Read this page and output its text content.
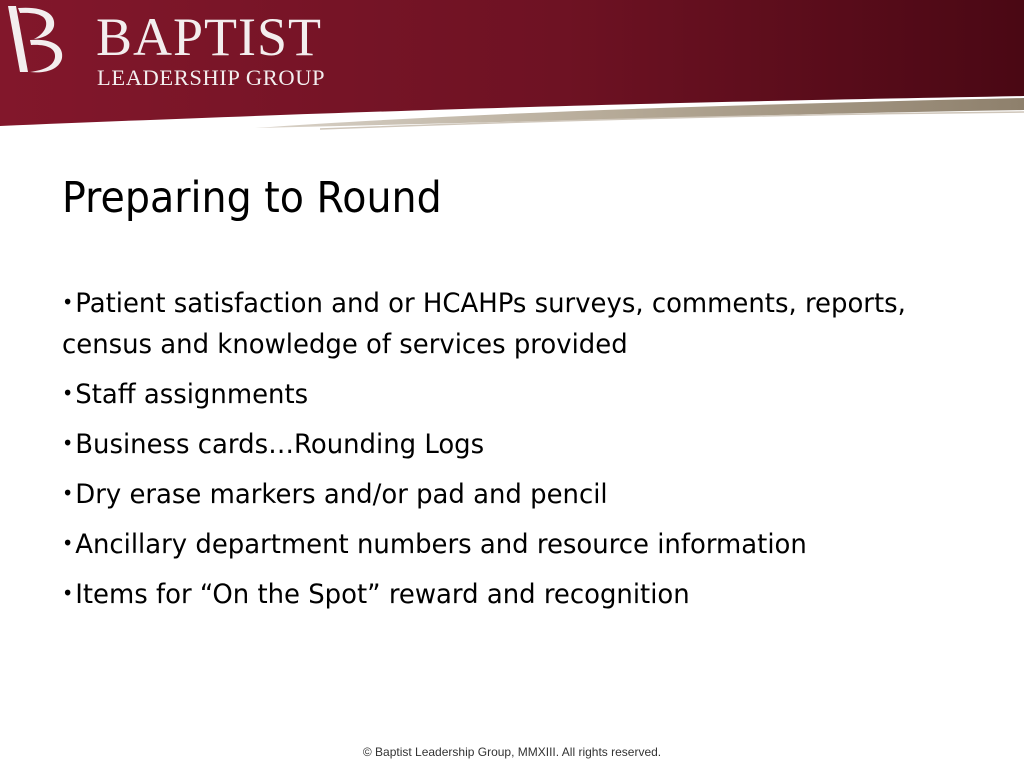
BAPTIST
LEADERSHIP GROUP
Preparing to Round
•Patient satisfaction and or HCAHPs surveys, comments, reports, census and knowledge of services provided
•Staff assignments
•Business cards…Rounding Logs
•Dry erase markers and/or pad and pencil
•Ancillary department numbers and resource information
•Items for “On the Spot” reward and recognition
© Baptist Leadership Group, MMXIII. All rights reserved.
